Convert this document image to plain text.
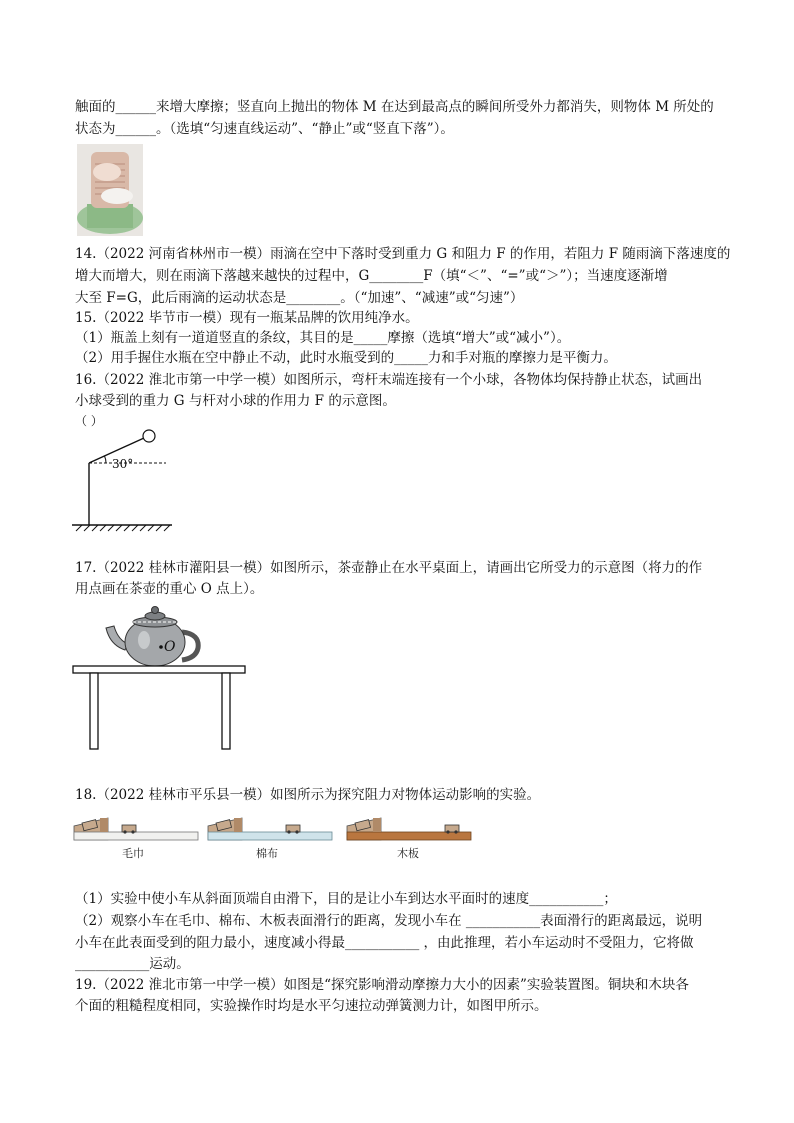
触面的______来增大摩擦；竖直向上抛出的物体 M 在达到最高点的瞬间所受外力都消失，则物体 M 所处的
状态为______。（选填“匀速直线运动”、“静止”或“竖直下落”）。
14.（2022 河南省林州市一模）雨滴在空中下落时受到重力 G 和阻力 F 的作用，若阻力 F 随雨滴下落速度的
增大而增大，则在雨滴下落越来越快的过程中，G________F（填“＜”、“=”或“＞”）；当速度逐渐增
大至 F=G，此后雨滴的运动状态是________。（“加速”、“减速”或“匀速”）
15.（2022 毕节市一模）现有一瓶某品牌的饮用纯净水。
（1）瓶盖上刻有一道道竖直的条纹，其目的是_____摩擦（选填“增大”或“减小”）。
（2）用手握住水瓶在空中静止不动，此时水瓶受到的_____力和手对瓶的摩擦力是平衡力。
16.（2022 淮北市第一中学一模）如图所示，弯杆末端连接有一个小球，各物体均保持静止状态，试画出
小球受到的重力 G 与杆对小球的作用力 F 的示意图。
（ ）
30°
17.（2022 桂林市灌阳县一模）如图所示，茶壶静止在水平桌面上，请画出它所受力的示意图（将力的作
用点画在茶壶的重心 O 点上）。
O
18.（2022 桂林市平乐县一模）如图所示为探究阻力对物体运动影响的实验。
毛巾	棉布	木板
（1）实验中使小车从斜面顶端自由滑下，目的是让小车到达水平面时的速度___________；
（2）观察小车在毛巾、棉布、木板表面滑行的距离，发现小车在 ___________表面滑行的距离最远，说明
小车在此表面受到的阻力最小，速度减小得最___________ ，由此推理，若小车运动时不受阻力，它将做
___________运动。
19.（2022 淮北市第一中学一模）如图是“探究影响滑动摩擦力大小的因素”实验装置图。铜块和木块各
个面的粗糙程度相同，实验操作时均是水平匀速拉动弹簧测力计，如图甲所示。
